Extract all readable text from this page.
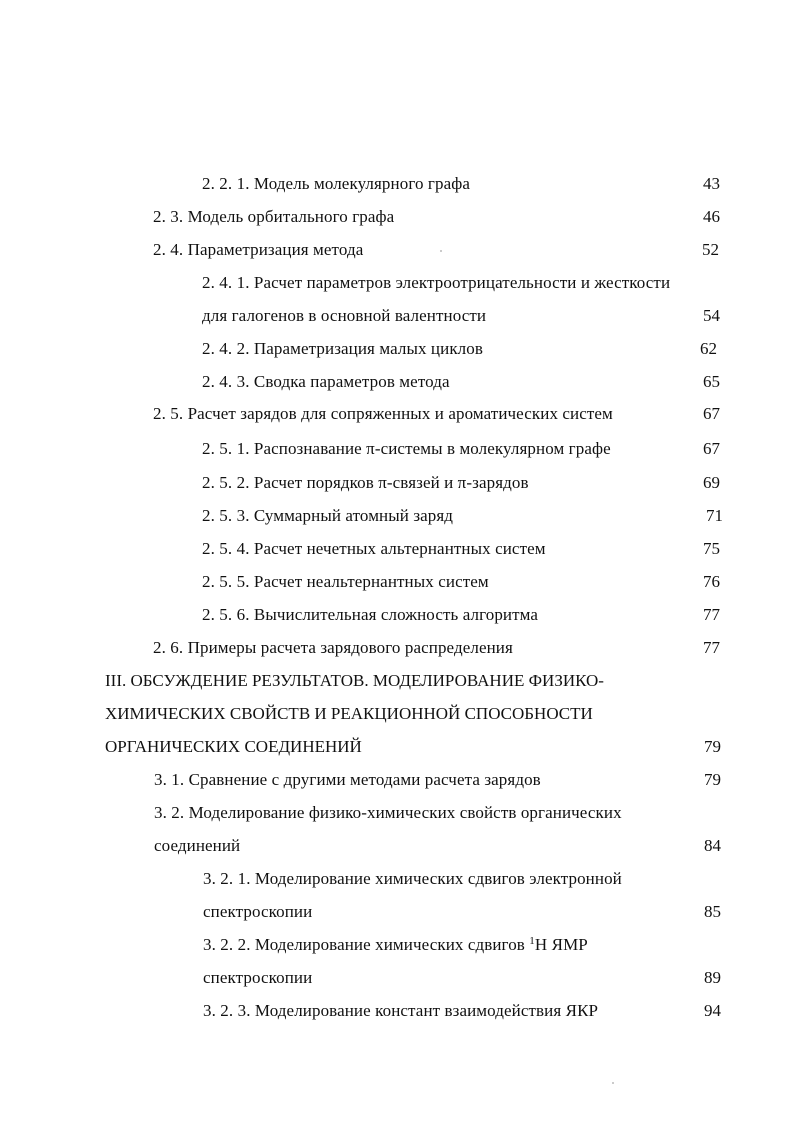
2. 2. 1. Модель молекулярного графа	43
2. 3. Модель орбитального графа	46
2. 4. Параметризация метода	52
2. 4. 1. Расчет параметров электроотрицательности и жесткости
для галогенов в основной валентности	54
2. 4. 2. Параметризация малых циклов	62
2. 4. 3. Сводка параметров метода	65
2. 5. Расчет зарядов для сопряженных и ароматических систем	67
2. 5. 1. Распознавание π-системы в молекулярном графе	67
2. 5. 2. Расчет порядков π-связей и π-зарядов	69
2. 5. 3. Суммарный атомный заряд	71
2. 5. 4. Расчет нечетных альтернантных систем	75
2. 5. 5. Расчет неальтернантных систем	76
2. 5. 6. Вычислительная сложность алгоритма	77
2. 6. Примеры расчета зарядового распределения	77
III. ОБСУЖДЕНИЕ РЕЗУЛЬТАТОВ. МОДЕЛИРОВАНИЕ ФИЗИКО-
ХИМИЧЕСКИХ СВОЙСТВ И РЕАКЦИОННОЙ СПОСОБНОСТИ
ОРГАНИЧЕСКИХ СОЕДИНЕНИЙ	79
3. 1. Сравнение с другими методами расчета зарядов	79
3. 2. Моделирование физико-химических свойств органических
соединений	84
3. 2. 1. Моделирование химических сдвигов электронной
спектроскопии	85
3. 2. 2. Моделирование химических сдвигов $^1$Н ЯМР
спектроскопии	89
3. 2. 3. Моделирование констант взаимодействия ЯКР	94
